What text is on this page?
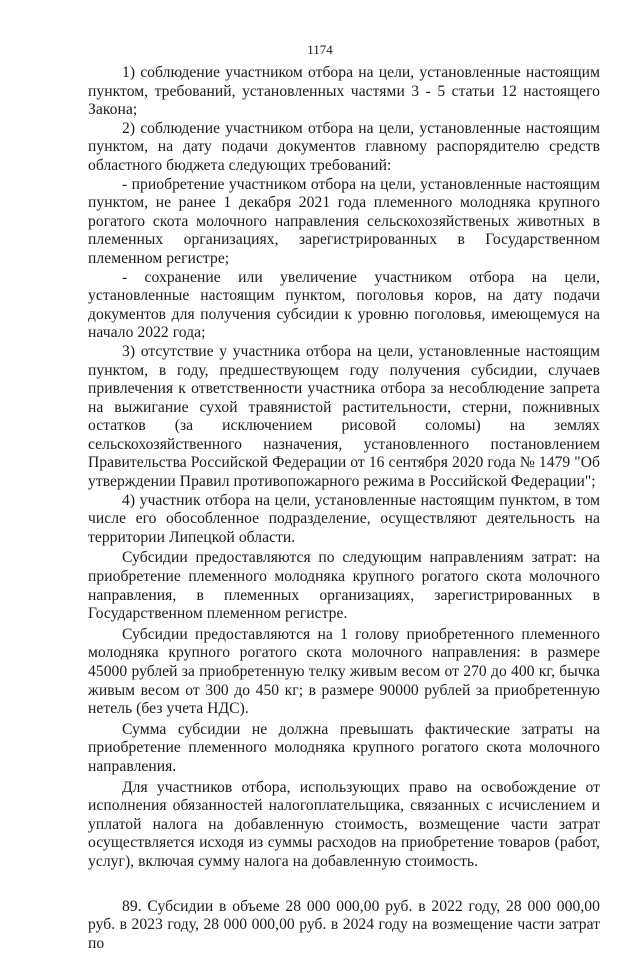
1174

1) соблюдение участником отбора на цели, установленные настоящим пунктом, требований, установленных частями 3 - 5 статьи 12 настоящего Закона;

2) соблюдение участником отбора на цели, установленные настоящим пунктом, на дату подачи документов главному распорядителю средств областного бюджета следующих требований:

- приобретение участником отбора на цели, установленные настоящим пунктом, не ранее 1 декабря 2021 года племенного молодняка крупного рогатого скота молочного направления сельскохозяйственых животных в племенных организациях, зарегистрированных в Государственном племенном регистре;

- сохранение или увеличение участником отбора на цели, установленные настоящим пунктом, поголовья коров, на дату подачи документов для получения субсидии к уровню поголовья, имеющемуся на начало 2022 года;

3) отсутствие у участника отбора на цели, установленные настоящим пунктом, в году, предшествующем году получения субсидии, случаев привлечения к ответственности участника отбора за несоблюдение запрета на выжигание сухой травянистой растительности, стерни, пожнивных остатков (за исключением рисовой соломы) на землях сельскохозяйственного назначения, установленного постановлением Правительства Российской Федерации от 16 сентября 2020 года № 1479 "Об утверждении Правил противопожарного режима в Российской Федерации";

4) участник отбора на цели, установленные настоящим пунктом, в том числе его обособленное подразделение, осуществляют деятельность на территории Липецкой области.

Субсидии предоставляются по следующим направлениям затрат: на приобретение племенного молодняка крупного рогатого скота молочного направления, в племенных организациях, зарегистрированных в Государственном племенном регистре.

Субсидии предоставляются на 1 голову приобретенного племенного молодняка крупного рогатого скота молочного направления: в размере 45000 рублей за приобретенную телку живым весом от 270 до 400 кг, бычка живым весом от 300 до 450 кг; в размере 90000 рублей за приобретенную нетель (без учета НДС).

Сумма субсидии не должна превышать фактические затраты на приобретение племенного молодняка крупного рогатого скота молочного направления.

Для участников отбора, использующих право на освобождение от исполнения обязанностей налогоплательщика, связанных с исчислением и уплатой налога на добавленную стоимость, возмещение части затрат осуществляется исходя из суммы расходов на приобретение товаров (работ, услуг), включая сумму налога на добавленную стоимость.

89. Субсидии в объеме 28 000 000,00 руб. в 2022 году, 28 000 000,00 руб. в 2023 году, 28 000 000,00 руб. в 2024 году на возмещение части затрат по
